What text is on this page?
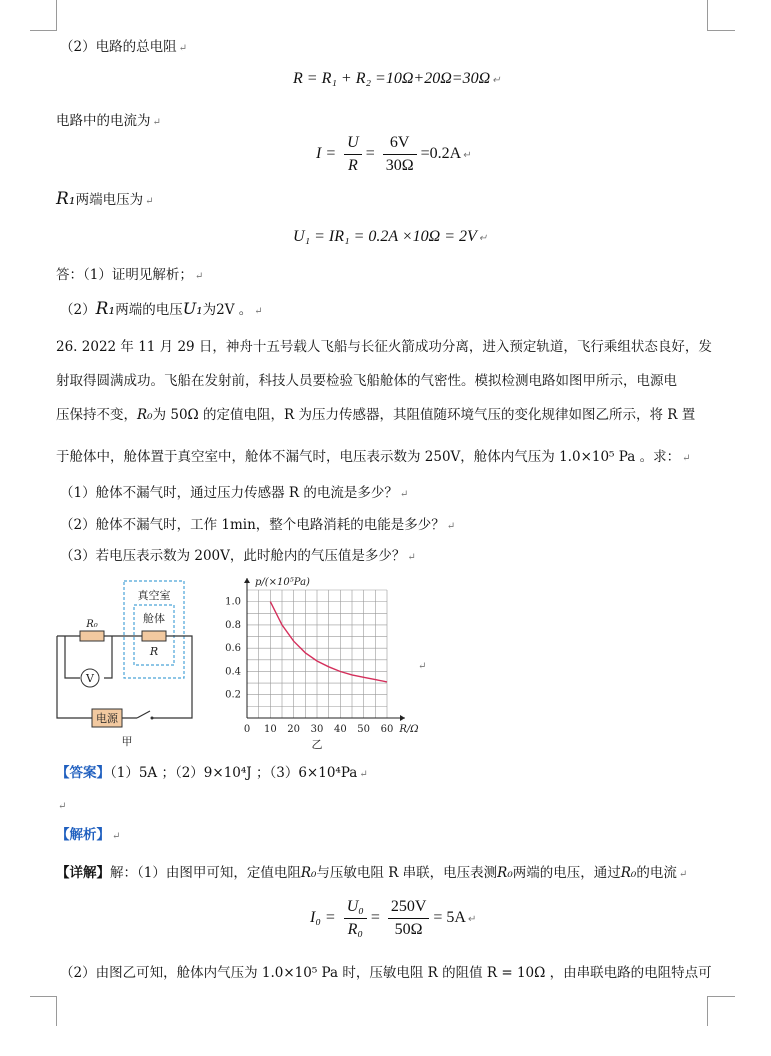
（2）电路的总电阻 ↵
R = R₁ + R₂ =10Ω+20Ω=30Ω ↵
电路中的电流为 ↵
$I = \frac{U}{R} = \frac{6V}{30\Omega} =0.2A$ ↵
R₁两端电压为 ↵
U₁ = IR₁ = 0.2A ×10Ω = 2V ↵
答：（1）证明见解析； ↵
（2）R₁两端的电压U₁为2V 。 ↵
26. 2022 年 11 月 29 日，神舟十五号载人飞船与长征火箭成功分离，进入预定轨道，飞行乘组状态良好，发
射取得圆满成功。飞船在发射前，科技人员要检验飞船舱体的气密性。模拟检测电路如图甲所示，电源电
压保持不变，R₀为 50Ω 的定值电阻，R 为压力传感器，其阻值随环境气压的变化规律如图乙所示，将 R 置
于舱体中，舱体置于真空室中，舱体不漏气时，电压表示数为 250V，舱体内气压为 1.0×10⁵ Pa 。求： ↵
（1）舱体不漏气时，通过压力传感器 R 的电流是多少？ ↵
（2）舱体不漏气时，工作 1min，整个电路消耗的电能是多少？ ↵
（3）若电压表示数为 200V，此时舱内的气压值是多少？ ↵
真空室
舱体
R₀
R
V
电源
甲
0 10 20 30 40 50 60
0.2
0.4
0.6
0.8
1.0
R/Ω
p/(×10⁵Pa)
乙
↵
【答案】（1）5A ；（2）9×10⁴J ；（3）6×10⁴Pa ↵
↵
【解析】 ↵
【详解】解：（1）由图甲可知，定值电阻R₀与压敏电阻 R 串联，电压表测R₀两端的电压，通过R₀的电流 ↵
$I_0 = \frac{\text{U₀}}{\text{R₀}} = \frac{250V}{50\Omega} = 5A$ ↵
（2）由图乙可知，舱体内气压为 1.0×10⁵ Pa 时，压敏电阻 R 的阻值 R = 10Ω ，由串联电路的电阻特点可
